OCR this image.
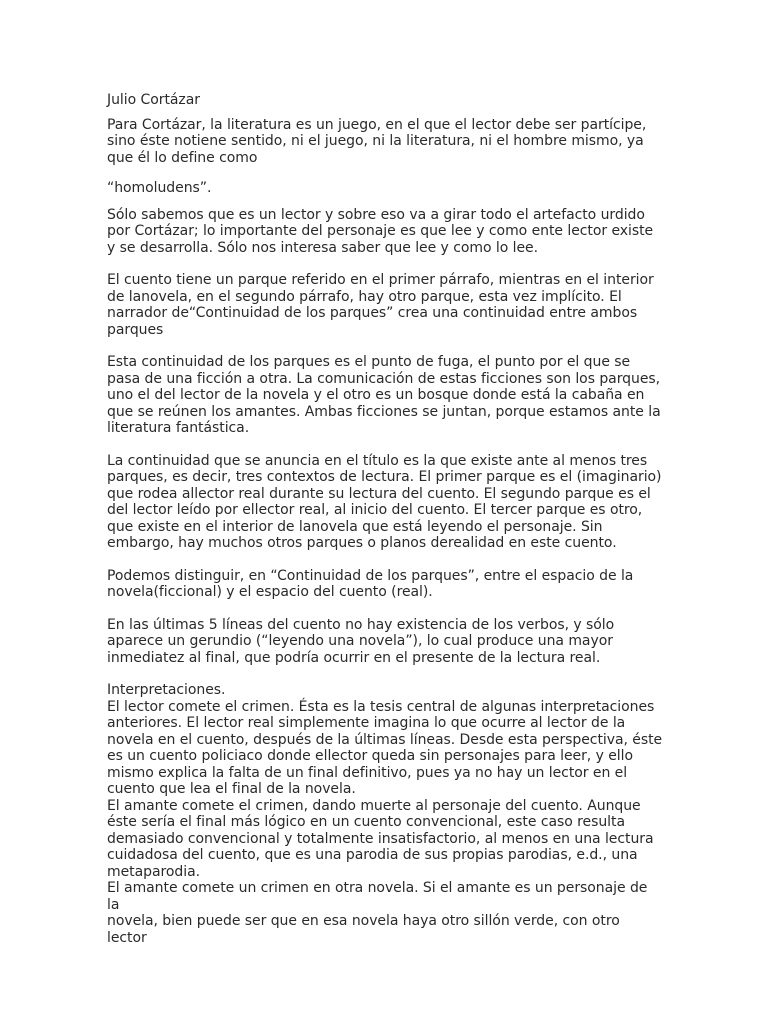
Julio Cortázar

Para Cortázar, la literatura es un juego, en el que el lector debe ser partícipe,
sino éste notiene sentido, ni el juego, ni la literatura, ni el hombre mismo, ya
que él lo define como

“homoludens”.

Sólo sabemos que es un lector y sobre eso va a girar todo el artefacto urdido
por Cortázar; lo importante del personaje es que lee y como ente lector existe
y se desarrolla. Sólo nos interesa saber que lee y como lo lee.

El cuento tiene un parque referido en el primer párrafo, mientras en el interior
de lanovela, en el segundo párrafo, hay otro parque, esta vez implícito. El
narrador de“Continuidad de los parques” crea una continuidad entre ambos
parques

Esta continuidad de los parques es el punto de fuga, el punto por el que se
pasa de una ficción a otra. La comunicación de estas ficciones son los parques,
uno el del lector de la novela y el otro es un bosque donde está la cabaña en
que se reúnen los amantes. Ambas ficciones se juntan, porque estamos ante la
literatura fantástica.

La continuidad que se anuncia en el título es la que existe ante al menos tres
parques, es decir, tres contextos de lectura. El primer parque es el (imaginario)
que rodea allector real durante su lectura del cuento. El segundo parque es el
del lector leído por ellector real, al inicio del cuento. El tercer parque es otro,
que existe en el interior de lanovela que está leyendo el personaje. Sin
embargo, hay muchos otros parques o planos derealidad en este cuento.

Podemos distinguir, en “Continuidad de los parques”, entre el espacio de la
novela(ficcional) y el espacio del cuento (real).

En las últimas 5 líneas del cuento no hay existencia de los verbos, y sólo
aparece un gerundio (“leyendo una novela”), lo cual produce una mayor
inmediatez al final, que podría ocurrir en el presente de la lectura real.

Interpretaciones.
El lector comete el crimen. Ésta es la tesis central de algunas interpretaciones
anteriores. El lector real simplemente imagina lo que ocurre al lector de la
novela en el cuento, después de la últimas líneas. Desde esta perspectiva, éste
es un cuento policiaco donde ellector queda sin personajes para leer, y ello
mismo explica la falta de un final definitivo, pues ya no hay un lector en el
cuento que lea el final de la novela.
El amante comete el crimen, dando muerte al personaje del cuento. Aunque
éste sería el final más lógico en un cuento convencional, este caso resulta
demasiado convencional y totalmente insatisfactorio, al menos en una lectura
cuidadosa del cuento, que es una parodia de sus propias parodias, e.d., una
metaparodia.
El amante comete un crimen en otra novela. Si el amante es un personaje de la
novela, bien puede ser que en esa novela haya otro sillón verde, con otro lector
